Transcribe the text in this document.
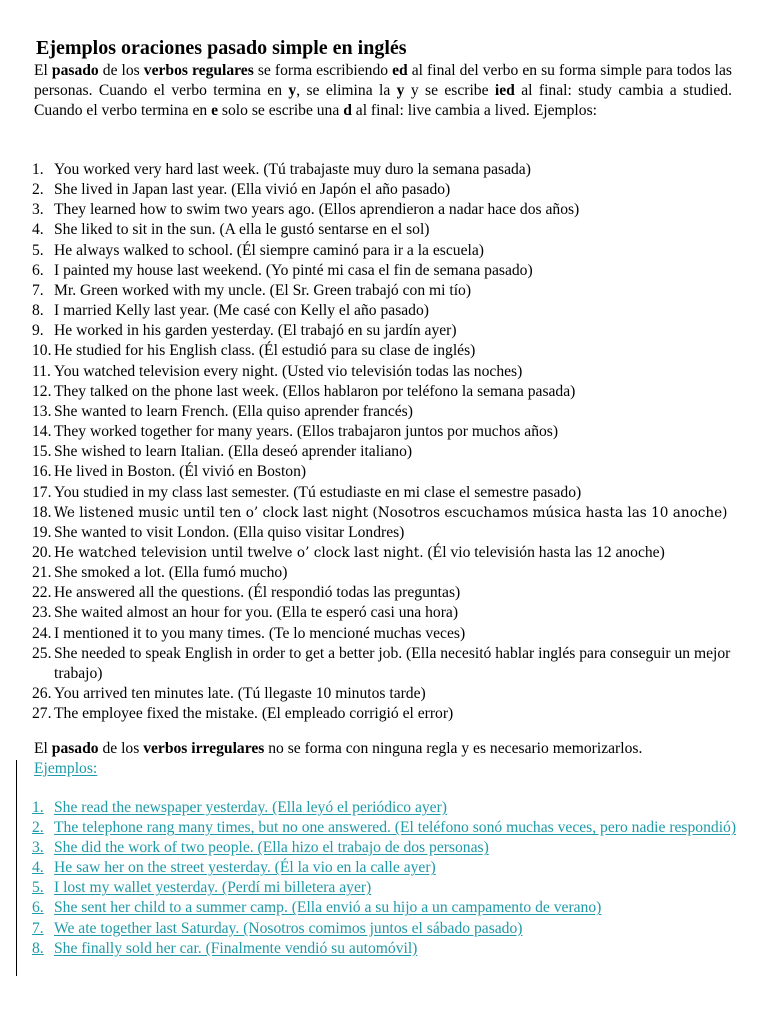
Ejemplos oraciones pasado simple en inglés

El pasado de los verbos regulares se forma escribiendo ed al final del verbo en su forma simple para todos las personas. Cuando el verbo termina en y, se elimina la y y se escribe ied al final: study cambia a studied. Cuando el verbo termina en e solo se escribe una d al final: live cambia a lived. Ejemplos:

1. You worked very hard last week. (Tú trabajaste muy duro la semana pasada)
2. She lived in Japan last year. (Ella vivió en Japón el año pasado)
3. They learned how to swim two years ago. (Ellos aprendieron a nadar hace dos años)
4. She liked to sit in the sun. (A ella le gustó sentarse en el sol)
5. He always walked to school. (Él siempre caminó para ir a la escuela)
6. I painted my house last weekend. (Yo pinté mi casa el fin de semana pasado)
7. Mr. Green worked with my uncle. (El Sr. Green trabajó con mi tío)
8. I married Kelly last year. (Me casé con Kelly el año pasado)
9. He worked in his garden yesterday. (El trabajó en su jardín ayer)
10. He studied for his English class. (Él estudió para su clase de inglés)
11. You watched television every night. (Usted vio televisión todas las noches)
12. They talked on the phone last week. (Ellos hablaron por teléfono la semana pasada)
13. She wanted to learn French. (Ella quiso aprender francés)
14. They worked together for many years. (Ellos trabajaron juntos por muchos años)
15. She wished to learn Italian. (Ella deseó aprender italiano)
16. He lived in Boston. (Él vivió en Boston)
17. You studied in my class last semester. (Tú estudiaste en mi clase el semestre pasado)
18. We listened music until ten o’ clock last night (Nosotros escuchamos música hasta las 10 anoche)
19. She wanted to visit London. (Ella quiso visitar Londres)
20. He watched television until twelve o’ clock last night. (Él vio televisión hasta las 12 anoche)
21. She smoked a lot. (Ella fumó mucho)
22. He answered all the questions. (Él respondió todas las preguntas)
23. She waited almost an hour for you. (Ella te esperó casi una hora)
24. I mentioned it to you many times. (Te lo mencioné muchas veces)
25. She needed to speak English in order to get a better job. (Ella necesitó hablar inglés para conseguir un mejor trabajo)
26. You arrived ten minutes late. (Tú llegaste 10 minutos tarde)
27. The employee fixed the mistake. (El empleado corrigió el error)

El pasado de los verbos irregulares no se forma con ninguna regla y es necesario memorizarlos.

Ejemplos:
1. She read the newspaper yesterday. (Ella leyó el periódico ayer)
2. The telephone rang many times, but no one answered. (El teléfono sonó muchas veces, pero nadie respondió)
3. She did the work of two people. (Ella hizo el trabajo de dos personas)
4. He saw her on the street yesterday. (Él la vio en la calle ayer)
5. I lost my wallet yesterday. (Perdí mi billetera ayer)
6. She sent her child to a summer camp. (Ella envió a su hijo a un campamento de verano)
7. We ate together last Saturday. (Nosotros comimos juntos el sábado pasado)
8. She finally sold her car. (Finalmente vendió su automóvil)
